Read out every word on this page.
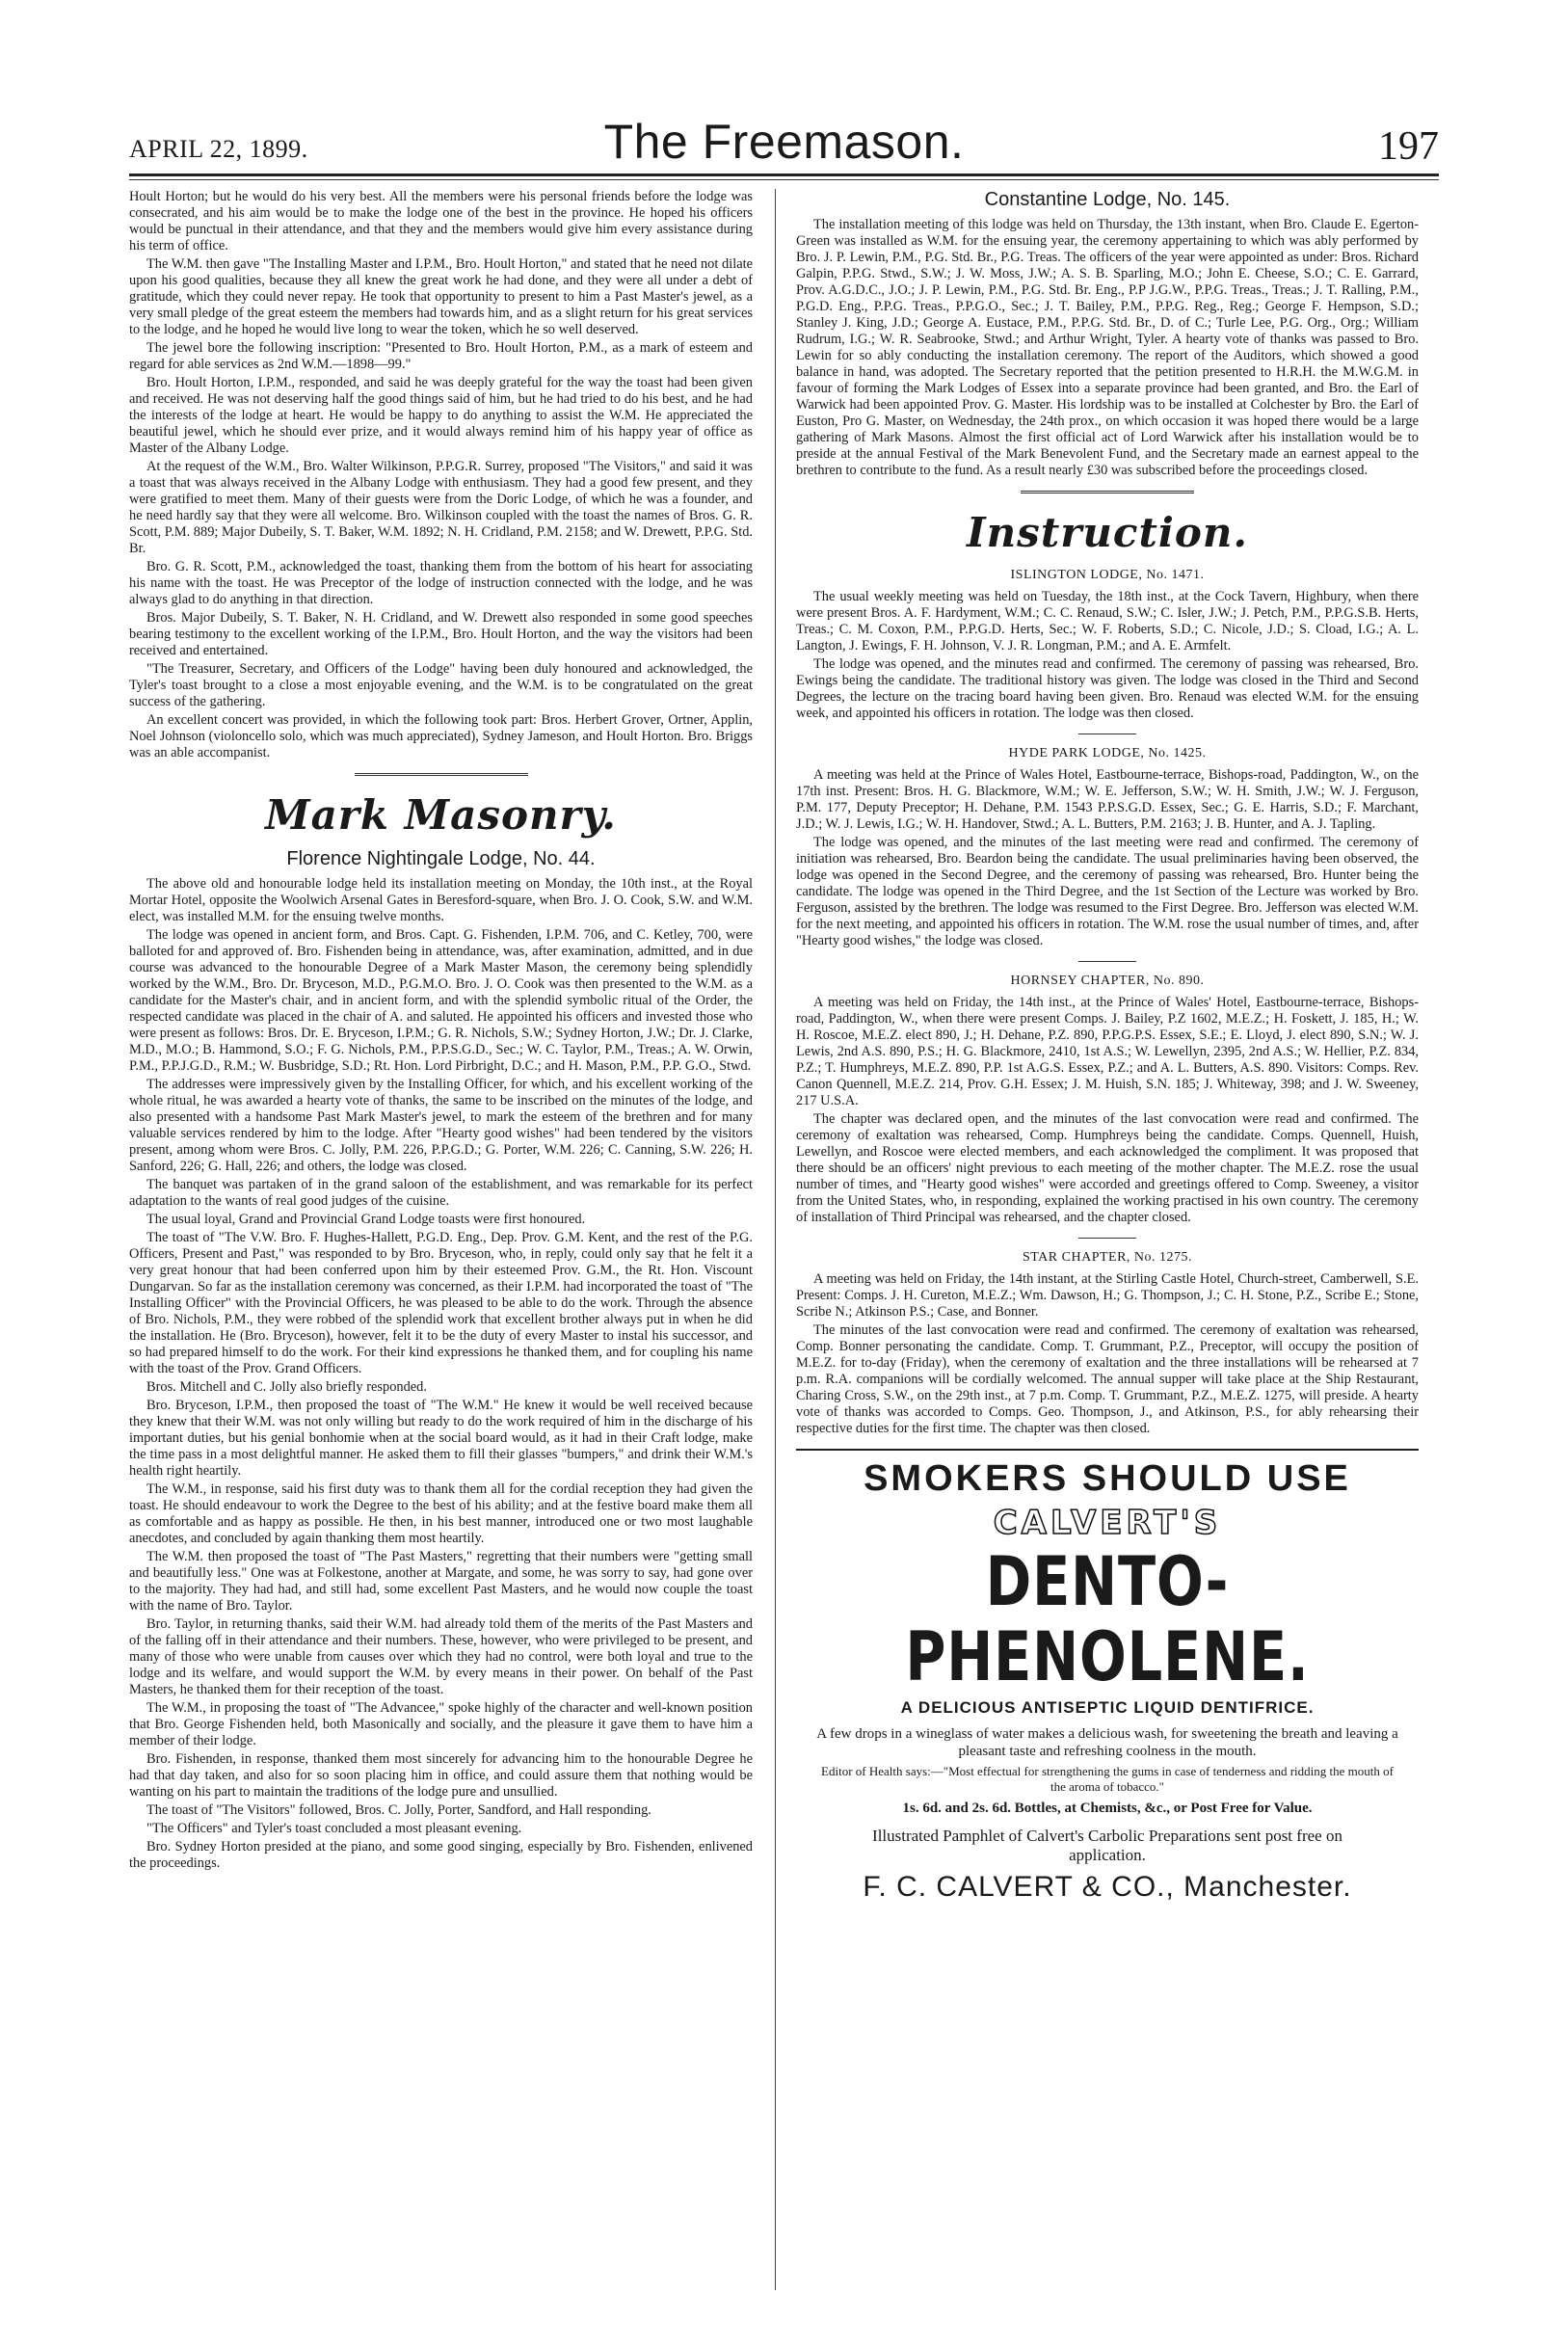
APRIL 22, 1899.	The Freemason.	197

Hoult Horton; but he would do his very best. All the members were his personal friends before the lodge was consecrated, and his aim would be to make the lodge one of the best in the province. He hoped his officers would be punctual in their attendance, and that they and the members would give him every assistance during his term of office.

The W.M. then gave "The Installing Master and I.P.M., Bro. Hoult Horton," and stated that he need not dilate upon his good qualities, because they all knew the great work he had done, and they were all under a debt of gratitude, which they could never repay. He took that opportunity to present to him a Past Master's jewel, as a very small pledge of the great esteem the members had towards him, and as a slight return for his great services to the lodge, and he hoped he would live long to wear the token, which he so well deserved.

The jewel bore the following inscription: "Presented to Bro. Hoult Horton, P.M., as a mark of esteem and regard for able services as 2nd W.M.—1898—99."

Bro. Hoult Horton, I.P.M., responded, and said he was deeply grateful for the way the toast had been given and received. He was not deserving half the good things said of him, but he had tried to do his best, and he had the interests of the lodge at heart. He would be happy to do anything to assist the W.M. He appreciated the beautiful jewel, which he should ever prize, and it would always remind him of his happy year of office as Master of the Albany Lodge.

At the request of the W.M., Bro. Walter Wilkinson, P.P.G.R. Surrey, proposed "The Visitors," and said it was a toast that was always received in the Albany Lodge with enthusiasm. They had a good few present, and they were gratified to meet them. Many of their guests were from the Doric Lodge, of which he was a founder, and he need hardly say that they were all welcome. Bro. Wilkinson coupled with the toast the names of Bros. G. R. Scott, P.M. 889; Major Dubeily, S. T. Baker, W.M. 1892; N. H. Cridland, P.M. 2158; and W. Drewett, P.P.G. Std. Br.

Bro. G. R. Scott, P.M., acknowledged the toast, thanking them from the bottom of his heart for associating his name with the toast. He was Preceptor of the lodge of instruction connected with the lodge, and he was always glad to do anything in that direction.

Bros. Major Dubeily, S. T. Baker, N. H. Cridland, and W. Drewett also responded in some good speeches bearing testimony to the excellent working of the I.P.M., Bro. Hoult Horton, and the way the visitors had been received and entertained.

"The Treasurer, Secretary, and Officers of the Lodge" having been duly honoured and acknowledged, the Tyler's toast brought to a close a most enjoyable evening, and the W.M. is to be congratulated on the great success of the gathering.

An excellent concert was provided, in which the following took part: Bros. Herbert Grover, Ortner, Applin, Noel Johnson (violoncello solo, which was much appreciated), Sydney Jameson, and Hoult Horton. Bro. Briggs was an able accompanist.

Mark Masonry.
Florence Nightingale Lodge, No. 44.

The above old and honourable lodge held its installation meeting on Monday, the 10th inst., at the Royal Mortar Hotel, opposite the Woolwich Arsenal Gates in Beresford-square, when Bro. J. O. Cook, S.W. and W.M. elect, was installed M.M. for the ensuing twelve months.

The lodge was opened in ancient form, and Bros. Capt. G. Fishenden, I.P.M. 706, and C. Ketley, 700, were balloted for and approved of. Bro. Fishenden being in attendance, was, after examination, admitted, and in due course was advanced to the honourable Degree of a Mark Master Mason, the ceremony being splendidly worked by the W.M., Bro. Dr. Bryceson, M.D., P.G.M.O. Bro. J. O. Cook was then presented to the W.M. as a candidate for the Master's chair, and in ancient form, and with the splendid symbolic ritual of the Order, the respected candidate was placed in the chair of A. and saluted. He appointed his officers and invested those who were present as follows: Bros. Dr. E. Bryceson, I.P.M.; G. R. Nichols, S.W.; Sydney Horton, J.W.; Dr. J. Clarke, M.D., M.O.; B. Hammond, S.O.; F. G. Nichols, P.M., P.P.S.G.D., Sec.; W. C. Taylor, P.M., Treas.; A. W. Orwin, P.M., P.P.J.G.D., R.M.; W. Busbridge, S.D.; Rt. Hon. Lord Pirbright, D.C.; and H. Mason, P.M., P.P. G.O., Stwd.

The addresses were impressively given by the Installing Officer, for which, and his excellent working of the whole ritual, he was awarded a hearty vote of thanks, the same to be inscribed on the minutes of the lodge, and also presented with a handsome Past Mark Master's jewel, to mark the esteem of the brethren and for many valuable services rendered by him to the lodge. After "Hearty good wishes" had been tendered by the visitors present, among whom were Bros. C. Jolly, P.M. 226, P.P.G.D.; G. Porter, W.M. 226; C. Canning, S.W. 226; H. Sanford, 226; G. Hall, 226; and others, the lodge was closed.

The banquet was partaken of in the grand saloon of the establishment, and was remarkable for its perfect adaptation to the wants of real good judges of the cuisine.

The usual loyal, Grand and Provincial Grand Lodge toasts were first honoured.

The toast of "The V.W. Bro. F. Hughes-Hallett, P.G.D. Eng., Dep. Prov. G.M. Kent, and the rest of the P.G. Officers, Present and Past," was responded to by Bro. Bryceson, who, in reply, could only say that he felt it a very great honour that had been conferred upon him by their esteemed Prov. G.M., the Rt. Hon. Viscount Dungarvan. So far as the installation ceremony was concerned, as their I.P.M. had incorporated the toast of "The Installing Officer" with the Provincial Officers, he was pleased to be able to do the work. Through the absence of Bro. Nichols, P.M., they were robbed of the splendid work that excellent brother always put in when he did the installation. He (Bro. Bryceson), however, felt it to be the duty of every Master to instal his successor, and so had prepared himself to do the work. For their kind expressions he thanked them, and for coupling his name with the toast of the Prov. Grand Officers.

Bros. Mitchell and C. Jolly also briefly responded.

Bro. Bryceson, I.P.M., then proposed the toast of "The W.M." He knew it would be well received because they knew that their W.M. was not only willing but ready to do the work required of him in the discharge of his important duties, but his genial bonhomie when at the social board would, as it had in their Craft lodge, make the time pass in a most delightful manner. He asked them to fill their glasses "bumpers," and drink their W.M.'s health right heartily.

The W.M., in response, said his first duty was to thank them all for the cordial reception they had given the toast. He should endeavour to work the Degree to the best of his ability; and at the festive board make them all as comfortable and as happy as possible. He then, in his best manner, introduced one or two most laughable anecdotes, and concluded by again thanking them most heartily.

The W.M. then proposed the toast of "The Past Masters," regretting that their numbers were "getting small and beautifully less." One was at Folkestone, another at Margate, and some, he was sorry to say, had gone over to the majority. They had had, and still had, some excellent Past Masters, and he would now couple the toast with the name of Bro. Taylor.

Bro. Taylor, in returning thanks, said their W.M. had already told them of the merits of the Past Masters and of the falling off in their attendance and their numbers. These, however, who were privileged to be present, and many of those who were unable from causes over which they had no control, were both loyal and true to the lodge and its welfare, and would support the W.M. by every means in their power. On behalf of the Past Masters, he thanked them for their reception of the toast.

The W.M., in proposing the toast of "The Advancee," spoke highly of the character and well-known position that Bro. George Fishenden held, both Masonically and socially, and the pleasure it gave them to have him a member of their lodge.

Bro. Fishenden, in response, thanked them most sincerely for advancing him to the honourable Degree he had that day taken, and also for so soon placing him in office, and could assure them that nothing would be wanting on his part to maintain the traditions of the lodge pure and unsullied.

The toast of "The Visitors" followed, Bros. C. Jolly, Porter, Sandford, and Hall responding.

"The Officers" and Tyler's toast concluded a most pleasant evening.

Bro. Sydney Horton presided at the piano, and some good singing, especially by Bro. Fishenden, enlivened the proceedings.

Constantine Lodge, No. 145.

The installation meeting of this lodge was held on Thursday, the 13th instant, when Bro. Claude E. Egerton-Green was installed as W.M. for the ensuing year, the ceremony appertaining to which was ably performed by Bro. J. P. Lewin, P.M., P.G. Std. Br., P.G. Treas. The officers of the year were appointed as under: Bros. Richard Galpin, P.P.G. Stwd., S.W.; J. W. Moss, J.W.; A. S. B. Sparling, M.O.; John E. Cheese, S.O.; C. E. Garrard, Prov. A.G.D.C., J.O.; J. P. Lewin, P.M., P.G. Std. Br. Eng., P.P J.G.W., P.P.G. Treas., Treas.; J. T. Ralling, P.M., P.G.D. Eng., P.P.G. Treas., P.P.G.O., Sec.; J. T. Bailey, P.M., P.P.G. Reg., Reg.; George F. Hempson, S.D.; Stanley J. King, J.D.; George A. Eustace, P.M., P.P.G. Std. Br., D. of C.; Turle Lee, P.G. Org., Org.; William Rudrum, I.G.; W. R. Seabrooke, Stwd.; and Arthur Wright, Tyler. A hearty vote of thanks was passed to Bro. Lewin for so ably conducting the installation ceremony. The report of the Auditors, which showed a good balance in hand, was adopted. The Secretary reported that the petition presented to H.R.H. the M.W.G.M. in favour of forming the Mark Lodges of Essex into a separate province had been granted, and Bro. the Earl of Warwick had been appointed Prov. G. Master. His lordship was to be installed at Colchester by Bro. the Earl of Euston, Pro G. Master, on Wednesday, the 24th prox., on which occasion it was hoped there would be a large gathering of Mark Masons. Almost the first official act of Lord Warwick after his installation would be to preside at the annual Festival of the Mark Benevolent Fund, and the Secretary made an earnest appeal to the brethren to contribute to the fund. As a result nearly £30 was subscribed before the proceedings closed.

Instruction.
ISLINGTON LODGE, No. 1471.

The usual weekly meeting was held on Tuesday, the 18th inst., at the Cock Tavern, Highbury, when there were present Bros. A. F. Hardyment, W.M.; C. C. Renaud, S.W.; C. Isler, J.W.; J. Petch, P.M., P.P.G.S.B. Herts, Treas.; C. M. Coxon, P.M., P.P.G.D. Herts, Sec.; W. F. Roberts, S.D.; C. Nicole, J.D.; S. Cload, I.G.; A. L. Langton, J. Ewings, F. H. Johnson, V. J. R. Longman, P.M.; and A. E. Armfelt.

The lodge was opened, and the minutes read and confirmed. The ceremony of passing was rehearsed, Bro. Ewings being the candidate. The traditional history was given. The lodge was closed in the Third and Second Degrees, the lecture on the tracing board having been given. Bro. Renaud was elected W.M. for the ensuing week, and appointed his officers in rotation. The lodge was then closed.

HYDE PARK LODGE, No. 1425.

A meeting was held at the Prince of Wales Hotel, Eastbourne-terrace, Bishops-road, Paddington, W., on the 17th inst. Present: Bros. H. G. Blackmore, W.M.; W. E. Jefferson, S.W.; W. H. Smith, J.W.; W. J. Ferguson, P.M. 177, Deputy Preceptor; H. Dehane, P.M. 1543 P.P.S.G.D. Essex, Sec.; G. E. Harris, S.D.; F. Marchant, J.D.; W. J. Lewis, I.G.; W. H. Handover, Stwd.; A. L. Butters, P.M. 2163; J. B. Hunter, and A. J. Tapling.

The lodge was opened, and the minutes of the last meeting were read and confirmed. The ceremony of initiation was rehearsed, Bro. Beardon being the candidate. The usual preliminaries having been observed, the lodge was opened in the Second Degree, and the ceremony of passing was rehearsed, Bro. Hunter being the candidate. The lodge was opened in the Third Degree, and the 1st Section of the Lecture was worked by Bro. Ferguson, assisted by the brethren. The lodge was resumed to the First Degree. Bro. Jefferson was elected W.M. for the next meeting, and appointed his officers in rotation. The W.M. rose the usual number of times, and, after "Hearty good wishes," the lodge was closed.

HORNSEY CHAPTER, No. 890.

A meeting was held on Friday, the 14th inst., at the Prince of Wales' Hotel, Eastbourne-terrace, Bishops-road, Paddington, W., when there were present Comps. J. Bailey, P.Z 1602, M.E.Z.; H. Foskett, J. 185, H.; W. H. Roscoe, M.E.Z. elect 890, J.; H. Dehane, P.Z. 890, P.P.G.P.S. Essex, S.E.; E. Lloyd, J. elect 890, S.N.; W. J. Lewis, 2nd A.S. 890, P.S.; H. G. Blackmore, 2410, 1st A.S.; W. Lewellyn, 2395, 2nd A.S.; W. Hellier, P.Z. 834, P.Z.; T. Humphreys, M.E.Z. 890, P.P. 1st A.G.S. Essex, P.Z.; and A. L. Butters, A.S. 890. Visitors: Comps. Rev. Canon Quennell, M.E.Z. 214, Prov. G.H. Essex; J. M. Huish, S.N. 185; J. Whiteway, 398; and J. W. Sweeney, 217 U.S.A.

The chapter was declared open, and the minutes of the last convocation were read and confirmed. The ceremony of exaltation was rehearsed, Comp. Humphreys being the candidate. Comps. Quennell, Huish, Lewellyn, and Roscoe were elected members, and each acknowledged the compliment. It was proposed that there should be an officers' night previous to each meeting of the mother chapter. The M.E.Z. rose the usual number of times, and "Hearty good wishes" were accorded and greetings offered to Comp. Sweeney, a visitor from the United States, who, in responding, explained the working practised in his own country. The ceremony of installation of Third Principal was rehearsed, and the chapter closed.

STAR CHAPTER, No. 1275.

A meeting was held on Friday, the 14th instant, at the Stirling Castle Hotel, Church-street, Camberwell, S.E. Present: Comps. J. H. Cureton, M.E.Z.; Wm. Dawson, H.; G. Thompson, J.; C. H. Stone, P.Z., Scribe E.; Stone, Scribe N.; Atkinson P.S.; Case, and Bonner.

The minutes of the last convocation were read and confirmed. The ceremony of exaltation was rehearsed, Comp. Bonner personating the candidate. Comp. T. Grummant, P.Z., Preceptor, will occupy the position of M.E.Z. for to-day (Friday), when the ceremony of exaltation and the three installations will be rehearsed at 7 p.m. R.A. companions will be cordially welcomed. The annual supper will take place at the Ship Restaurant, Charing Cross, S.W., on the 29th inst., at 7 p.m. Comp. T. Grummant, P.Z., M.E.Z. 1275, will preside. A hearty vote of thanks was accorded to Comps. Geo. Thompson, J., and Atkinson, P.S., for ably rehearsing their respective duties for the first time. The chapter was then closed.

SMOKERS SHOULD USE
CALVERT'S
DENTO-PHENOLENE.
A DELICIOUS ANTISEPTIC LIQUID DENTIFRICE.
A few drops in a wineglass of water makes a delicious wash, for sweetening the breath and leaving a pleasant taste and refreshing coolness in the mouth.
Editor of Health says:—"Most effectual for strengthening the gums in case of tenderness and ridding the mouth of the aroma of tobacco."
1s. 6d. and 2s. 6d. Bottles, at Chemists, &c., or Post Free for Value.
Illustrated Pamphlet of Calvert's Carbolic Preparations sent post free on application.
F. C. CALVERT & CO., Manchester.
